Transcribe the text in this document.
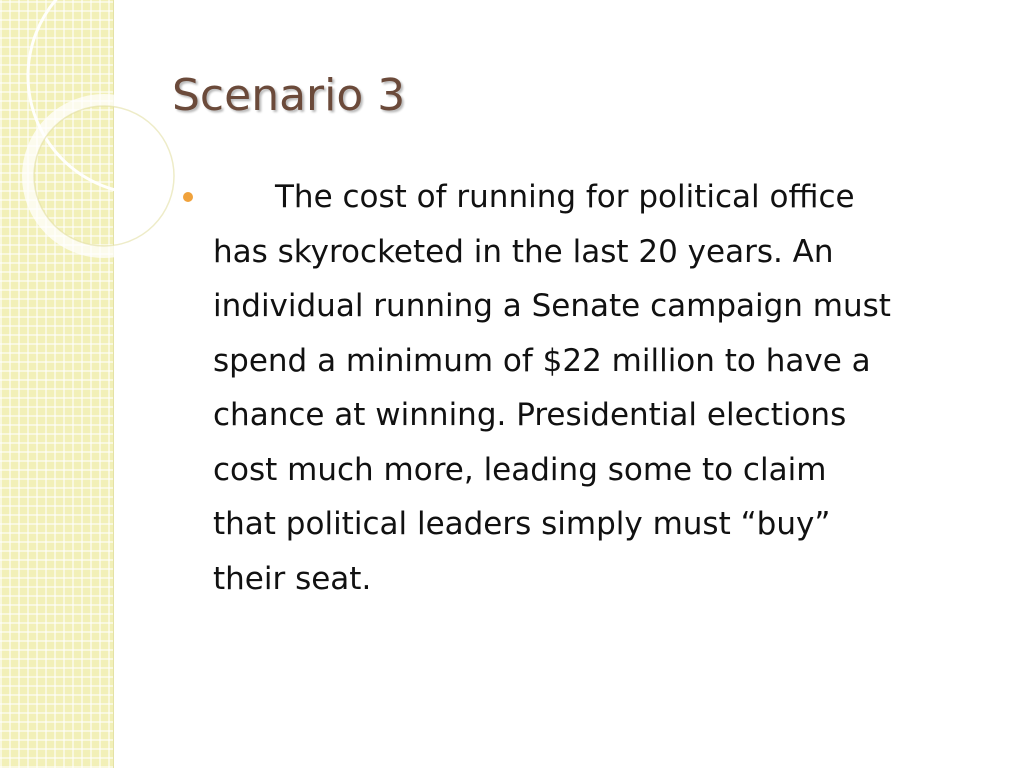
Scenario 3

The cost of running for political office
has skyrocketed in the last 20 years. An
individual running a Senate campaign must
spend a minimum of $22 million to have a
chance at winning. Presidential elections
cost much more, leading some to claim
that political leaders simply must “buy”
their seat.
